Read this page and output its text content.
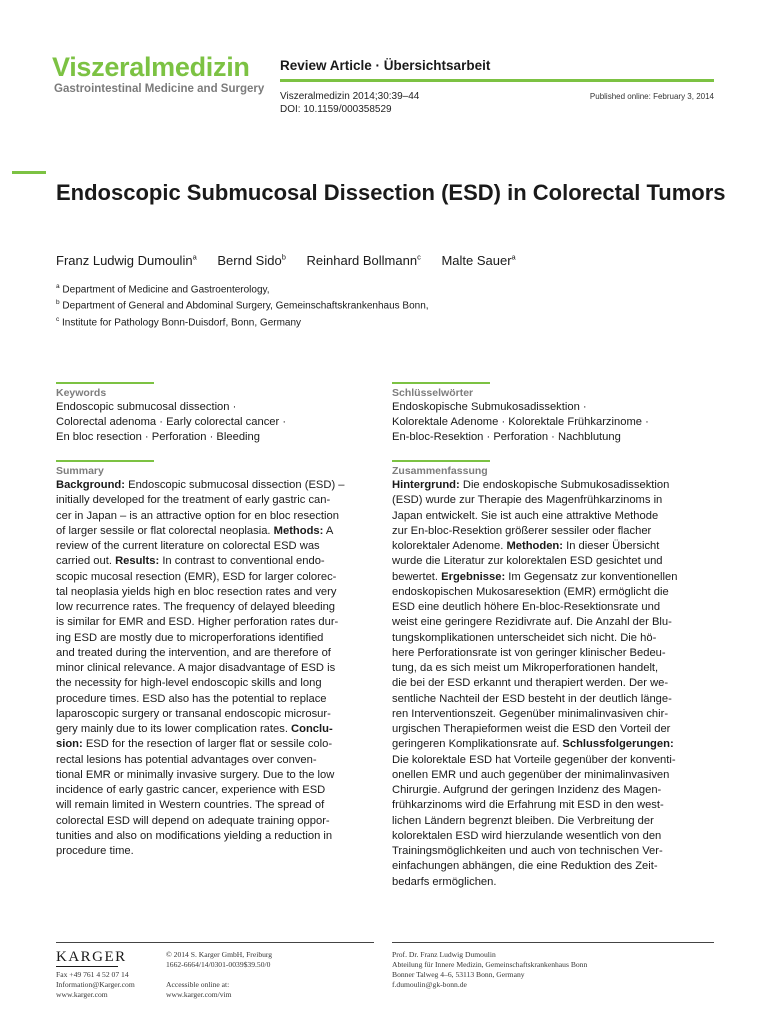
Viszeralmedizin
Gastrointestinal Medicine and Surgery
Review Article · Übersichtsarbeit
Viszeralmedizin 2014;30:39–44
DOI: 10.1159/000358529
Published online: February 3, 2014
Endoscopic Submucosal Dissection (ESD) in Colorectal Tumors
Franz Ludwig Dumoulin$^a$ Bernd Sido$^b$ Reinhard Bollmann$^c$ Malte Sauer$^a$
$^a$ Department of Medicine and Gastroenterology,
$^b$ Department of General and Abdominal Surgery, Gemeinschaftskrankenhaus Bonn,
$^c$ Institute for Pathology Bonn-Duisdorf, Bonn, Germany
Keywords
Endoscopic submucosal dissection ·
Colorectal adenoma · Early colorectal cancer ·
En bloc resection · Perforation · Bleeding
Summary
Background: Endoscopic submucosal dissection (ESD) –
initially developed for the treatment of early gastric can-
cer in Japan – is an attractive option for en bloc resection
of larger sessile or flat colorectal neoplasia. Methods: A
review of the current literature on colorectal ESD was
carried out. Results: In contrast to conventional endo-
scopic mucosal resection (EMR), ESD for larger colorec-
tal neoplasia yields high en bloc resection rates and very
low recurrence rates. The frequency of delayed bleeding
is similar for EMR and ESD. Higher perforation rates dur-
ing ESD are mostly due to microperforations identified
and treated during the intervention, and are therefore of
minor clinical relevance. A major disadvantage of ESD is
the necessity for high-level endoscopic skills and long
procedure times. ESD also has the potential to replace
laparoscopic surgery or transanal endoscopic microsur-
gery mainly due to its lower complication rates. Conclu-
sion: ESD for the resection of larger flat or sessile colo-
rectal lesions has potential advantages over conven-
tional EMR or minimally invasive surgery. Due to the low
incidence of early gastric cancer, experience with ESD
will remain limited in Western countries. The spread of
colorectal ESD will depend on adequate training oppor-
tunities and also on modifications yielding a reduction in
procedure time.
Schlüsselwörter
Endoskopische Submukosadissektion ·
Kolorektale Adenome · Kolorektale Frühkarzinome ·
En-bloc-Resektion · Perforation · Nachblutung
Zusammenfassung
Hintergrund: Die endoskopische Submukosadissektion
(ESD) wurde zur Therapie des Magenfrühkarzinoms in
Japan entwickelt. Sie ist auch eine attraktive Methode
zur En-bloc-Resektion größerer sessiler oder flacher
kolorektaler Adenome. Methoden: In dieser Übersicht
wurde die Literatur zur kolorektalen ESD gesichtet und
bewertet. Ergebnisse: Im Gegensatz zur konventionellen
endoskopischen Mukosaresektion (EMR) ermöglicht die
ESD eine deutlich höhere En-bloc-Resektionsrate und
weist eine geringere Rezidivrate auf. Die Anzahl der Blu-
tungskomplikationen unterscheidet sich nicht. Die hö-
here Perforationsrate ist von geringer klinischer Bedeu-
tung, da es sich meist um Mikroperforationen handelt,
die bei der ESD erkannt und therapiert werden. Der we-
sentliche Nachteil der ESD besteht in der deutlich länge-
ren Interventionszeit. Gegenüber minimalinvasiven chir-
urgischen Therapieformen weist die ESD den Vorteil der
geringeren Komplikationsrate auf. Schlussfolgerungen:
Die kolorektale ESD hat Vorteile gegenüber der konventi-
onellen EMR und auch gegenüber der minimalinvasiven
Chirurgie. Aufgrund der geringen Inzidenz des Magen-
frühkarzinoms wird die Erfahrung mit ESD in den west-
lichen Ländern begrenzt bleiben. Die Verbreitung der
kolorektalen ESD wird hierzulande wesentlich von den
Trainingsmöglichkeiten und auch von technischen Ver-
einfachungen abhängen, die eine Reduktion des Zeit-
bedarfs ermöglichen.
KARGER
Fax +49 761 4 52 07 14
Information@Karger.com
www.karger.com
© 2014 S. Karger GmbH, Freiburg
1662-6664/14/0301-0039$39.50/0
Accessible online at:
www.karger.com/vim
Prof. Dr. Franz Ludwig Dumoulin
Abteilung für Innere Medizin, Gemeinschaftskrankenhaus Bonn
Bonner Talweg 4–6, 53113 Bonn, Germany
f.dumoulin@gk-bonn.de
